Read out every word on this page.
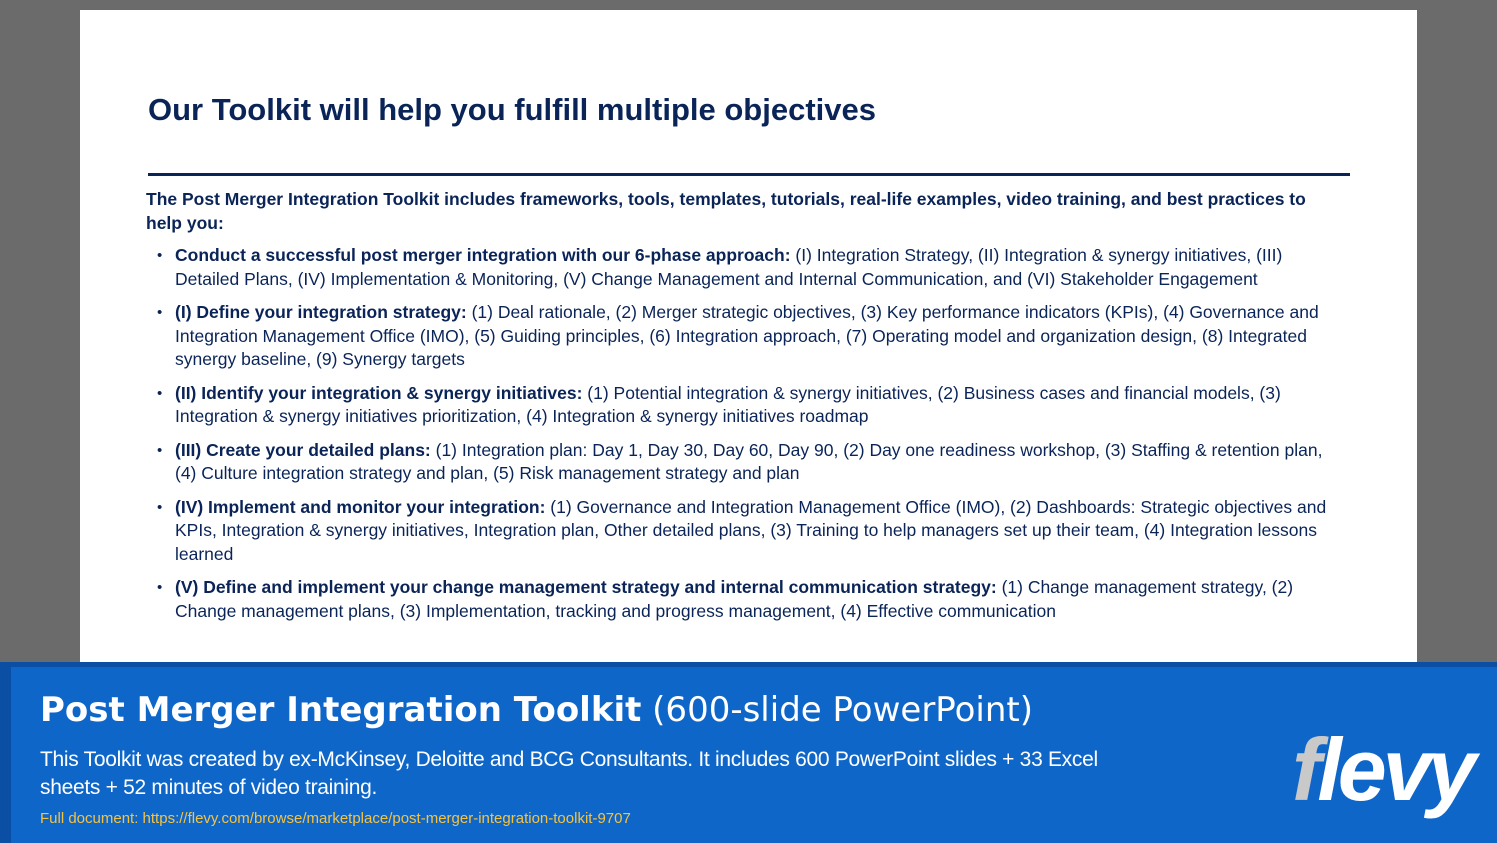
Our Toolkit will help you fulfill multiple objectives

The Post Merger Integration Toolkit includes frameworks, tools, templates, tutorials, real-life examples, video training, and best practices to help you:

• Conduct a successful post merger integration with our 6-phase approach: (I) Integration Strategy, (II) Integration & synergy initiatives, (III) Detailed Plans, (IV) Implementation & Monitoring, (V) Change Management and Internal Communication, and (VI) Stakeholder Engagement
• (I) Define your integration strategy: (1) Deal rationale, (2) Merger strategic objectives, (3) Key performance indicators (KPIs), (4) Governance and Integration Management Office (IMO), (5) Guiding principles, (6) Integration approach, (7) Operating model and organization design, (8) Integrated synergy baseline, (9) Synergy targets
• (II) Identify your integration & synergy initiatives: (1) Potential integration & synergy initiatives, (2) Business cases and financial models, (3) Integration & synergy initiatives prioritization, (4) Integration & synergy initiatives roadmap
• (III) Create your detailed plans: (1) Integration plan: Day 1, Day 30, Day 60, Day 90, (2) Day one readiness workshop, (3) Staffing & retention plan, (4) Culture integration strategy and plan, (5) Risk management strategy and plan
• (IV) Implement and monitor your integration: (1) Governance and Integration Management Office (IMO), (2) Dashboards: Strategic objectives and KPIs, Integration & synergy initiatives, Integration plan, Other detailed plans, (3) Training to help managers set up their team, (4) Integration lessons learned
• (V) Define and implement your change management strategy and internal communication strategy: (1) Change management strategy, (2) Change management plans, (3) Implementation, tracking and progress management, (4) Effective communication
Post Merger Integration Toolkit (600-slide PowerPoint)

This Toolkit was created by ex-McKinsey, Deloitte and BCG Consultants. It includes 600 PowerPoint slides + 33 Excel sheets + 52 minutes of video training.

Full document: https://flevy.com/browse/marketplace/post-merger-integration-toolkit-9707	flevy
